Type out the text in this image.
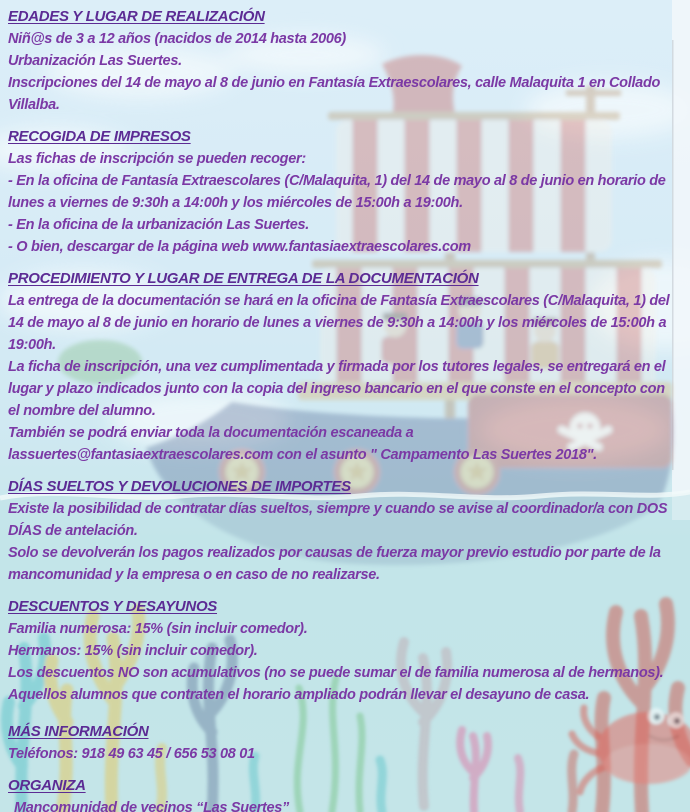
EDADES Y LUGAR DE REALIZACIÓN

Niñ@s de 3 a 12 años (nacidos de 2014 hasta 2006)

Urbanización Las Suertes.

Inscripciones del 14 de mayo al 8 de junio en Fantasía Extraescolares, calle Malaquita 1 en Collado Villalba.

RECOGIDA DE IMPRESOS

Las fichas de inscripción se pueden recoger:

- En la oficina de Fantasía Extraescolares (C/Malaquita, 1) del 14 de mayo al 8 de junio en horario de lunes a viernes de 9:30h a 14:00h y los miércoles de 15:00h a 19:00h.

- En la oficina de la urbanización Las Suertes.

- O bien, descargar de la página web www.fantasiaextraescolares.com

PROCEDIMIENTO Y LUGAR DE ENTREGA DE LA DOCUMENTACIÓN

La entrega de la documentación se hará en la oficina de Fantasía Extraescolares (C/Malaquita, 1) del 14 de mayo al 8 de junio en horario de lunes a viernes de 9:30h a 14:00h y los miércoles de 15:00h a 19:00h.

La ficha de inscripción, una vez cumplimentada y firmada por los tutores legales, se entregará en el lugar y plazo indicados junto con la copia del ingreso bancario en el que conste en el concepto con el nombre del alumno.

También se podrá enviar toda la documentación escaneada a lassuertes@fantasiaextraescolares.com con el asunto " Campamento Las Suertes 2018".

DÍAS SUELTOS Y DEVOLUCIONES DE IMPORTES

Existe la posibilidad de contratar días sueltos, siempre y cuando se avise al coordinador/a con DOS DÍAS de antelación.

Solo se devolverán los pagos realizados por causas de fuerza mayor previo estudio por parte de la mancomunidad y la empresa o en caso de no realizarse.

DESCUENTOS Y DESAYUNOS

Familia numerosa: 15% (sin incluir comedor).

Hermanos: 15% (sin incluir comedor).

Los descuentos NO son acumulativos (no se puede sumar el de familia numerosa al de hermanos).

Aquellos alumnos que contraten el horario ampliado podrán llevar el desayuno de casa.

MÁS INFORMACIÓN

Teléfonos: 918 49 63 45 / 656 53 08 01

ORGANIZA

Mancomunidad de vecinos “Las Suertes”
